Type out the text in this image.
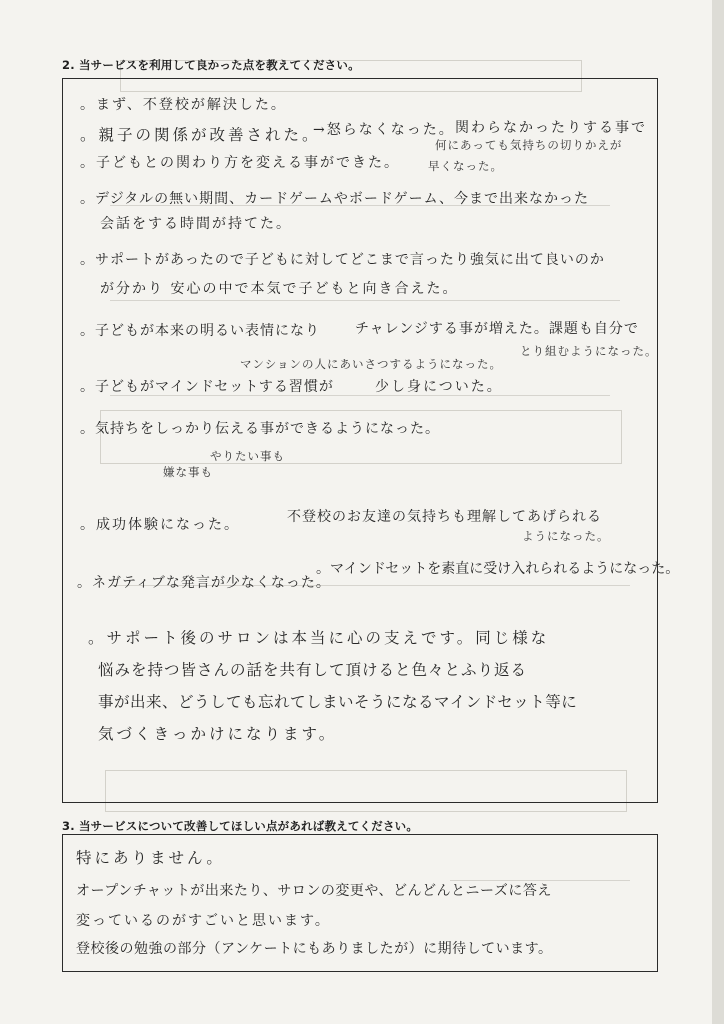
2. 当サービスを利用して良かった点を教えてください。
。まず、不登校が解決した。
。親子の関係が改善された。
→怒らなくなった。 関わらなかったりする事で
何にあっても気持ちの切りかえが
。子どもとの関わり方を変える事ができた。 早くなった。
。デジタルの無い期間、カードゲームやボードゲーム、今まで出来なかった
会話をする時間が持てた。
。サポートがあったので子どもに対してどこまで言ったり強気に出て良いのか
が分かり 安心の中で本気で子どもと向き合えた。
。子どもが本来の明るい表情になり	チャレンジする事が増えた。課題も自分で
とり組むようになった。
マンションの人にあいさつするようになった。
。子どもがマインドセットする習慣が	少し身についた。
。気持ちをしっかり伝える事ができるようになった。
やりたい事も
嫌な事も
。成功体験になった。	不登校のお友達の気持ちも理解してあげられる
ようになった。
。ネガティブな発言が少なくなった。
。マインドセットを素直に受け入れられるようになった。
。サポート後のサロンは本当に心の支えです。同じ様な
悩みを持つ皆さんの話を共有して頂けると色々とふり返る
事が出来、どうしても忘れてしまいそうになるマインドセット等に
気づくきっかけになります。
3. 当サービスについて改善してほしい点があれば教えてください。
特にありません。
オープンチャットが出来たり、サロンの変更や、どんどんとニーズに答え
変っているのがすごいと思います。
登校後の勉強の部分（アンケートにもありましたが）に期待しています。
